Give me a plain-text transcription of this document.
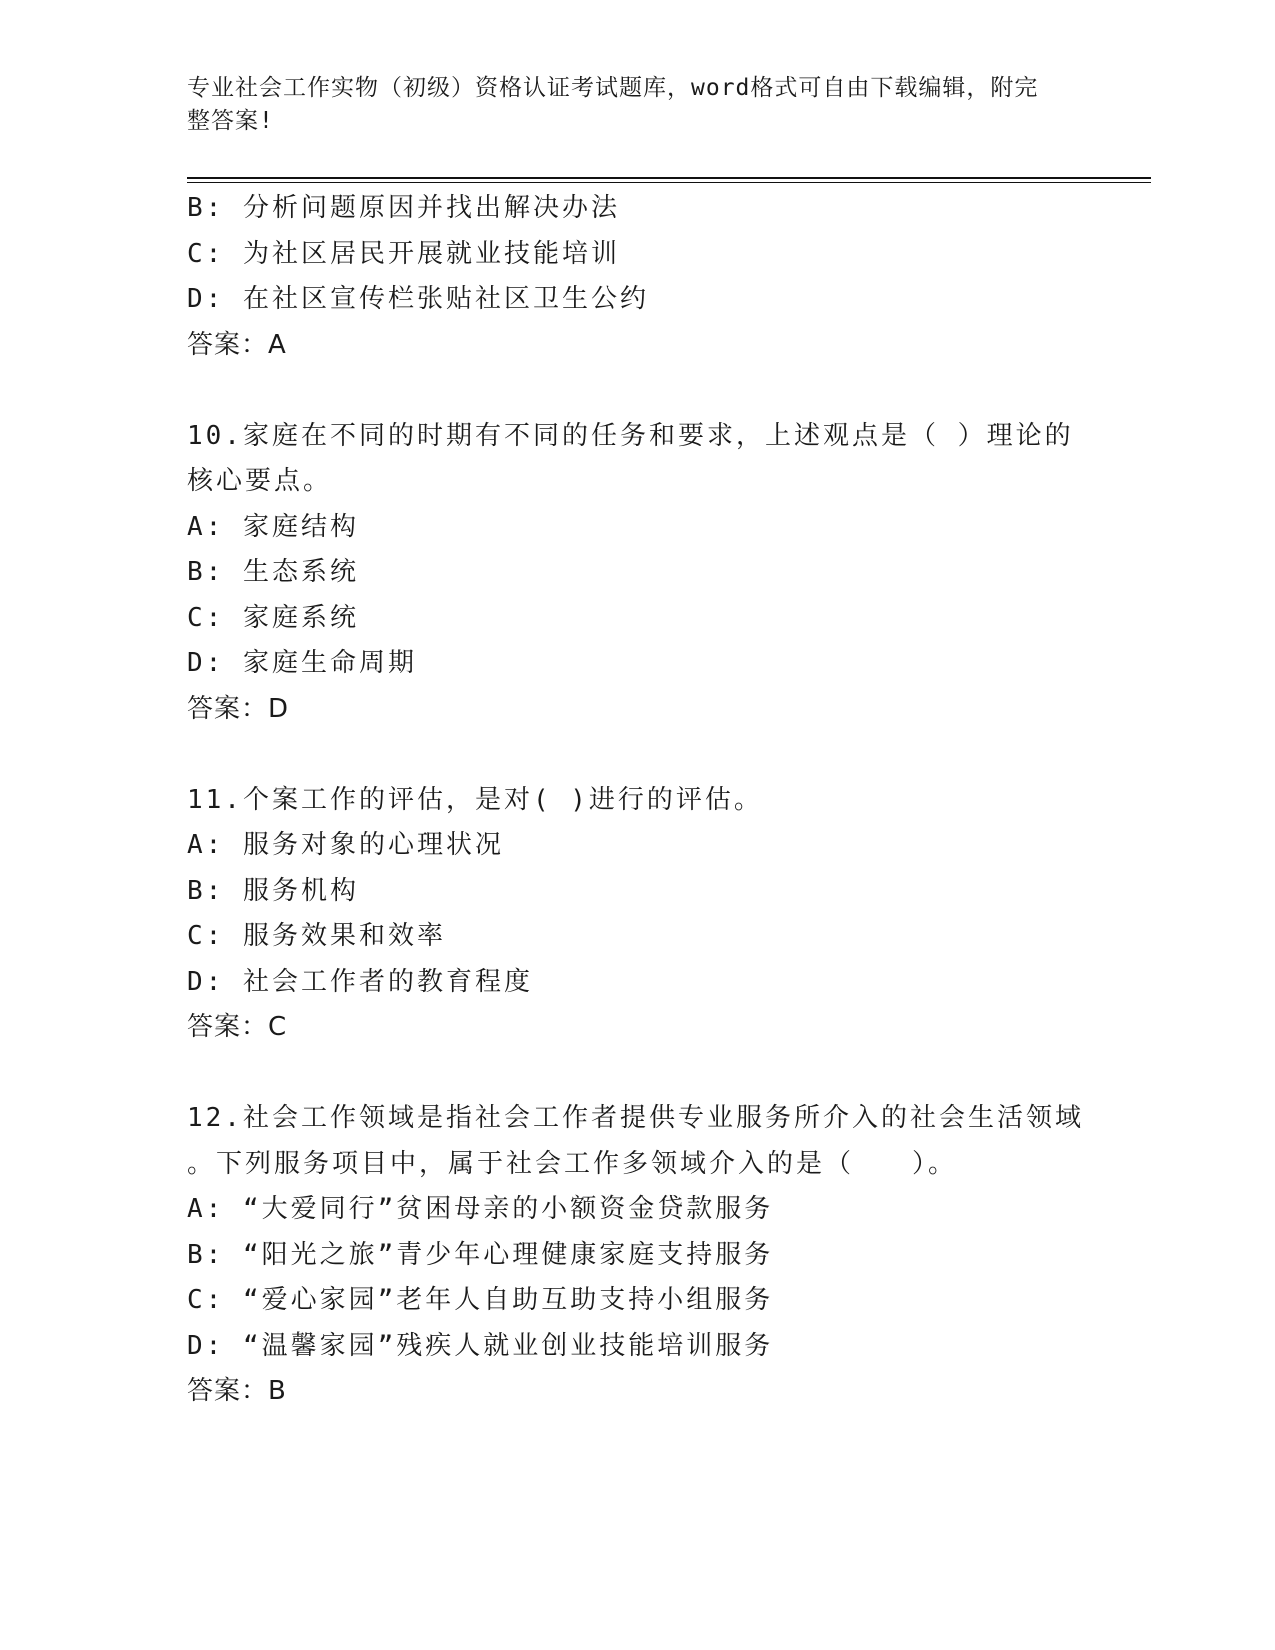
专业社会工作实物（初级）资格认证考试题库，word格式可自由下载编辑，附完
整答案!
B: 分析问题原因并找出解决办法
C: 为社区居民开展就业技能培训
D: 在社区宣传栏张贴社区卫生公约
答案：A
10.家庭在不同的时期有不同的任务和要求，上述观点是（ ）理论的
核心要点。
A: 家庭结构
B: 生态系统
C: 家庭系统
D: 家庭生命周期
答案：D
11.个案工作的评估，是对( )进行的评估。
A: 服务对象的心理状况
B: 服务机构
C: 服务效果和效率
D: 社会工作者的教育程度
答案：C
12.社会工作领域是指社会工作者提供专业服务所介入的社会生活领域
。下列服务项目中，属于社会工作多领域介入的是（　　）。
A: “大爱同行”贫困母亲的小额资金贷款服务
B: “阳光之旅”青少年心理健康家庭支持服务
C: “爱心家园”老年人自助互助支持小组服务
D: “温馨家园”残疾人就业创业技能培训服务
答案：B
